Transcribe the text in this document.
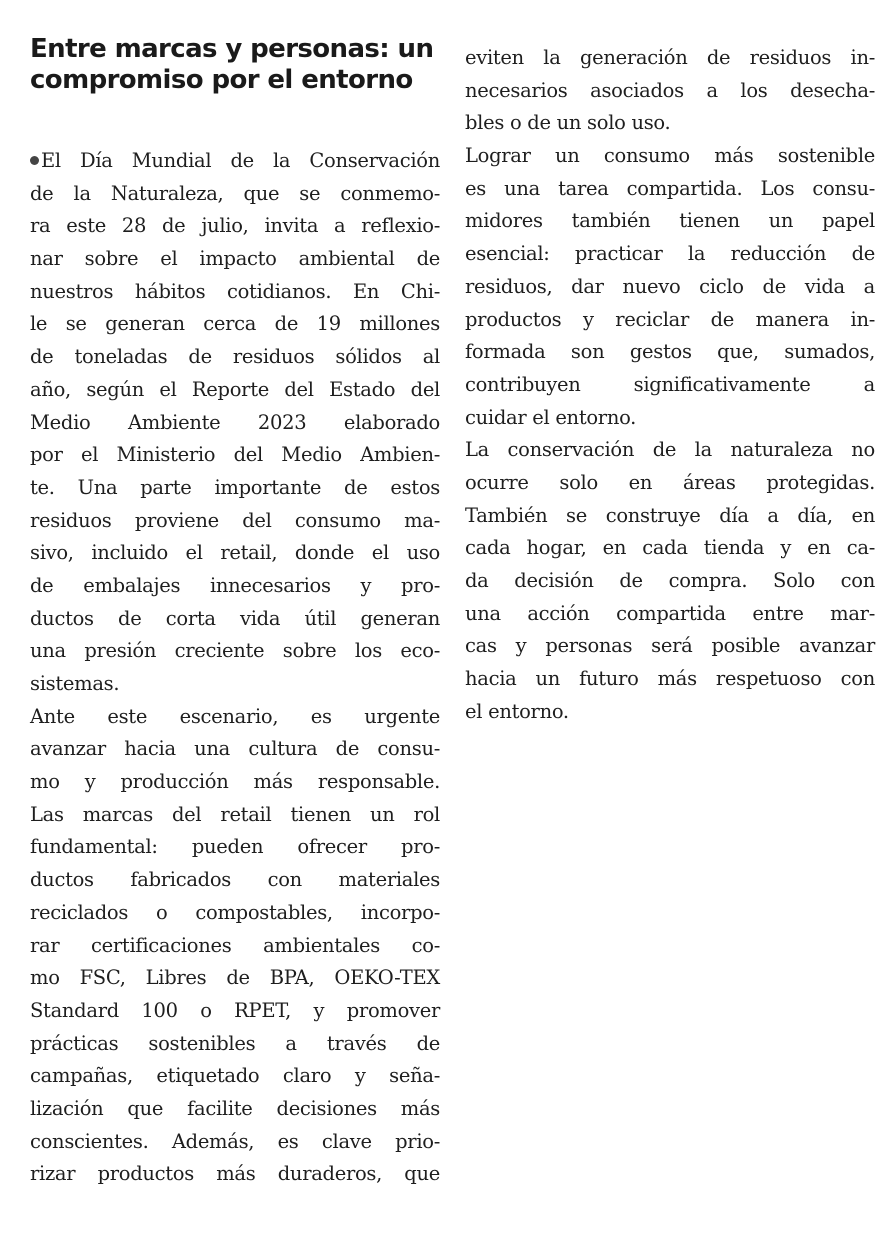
Entre marcas y personas: un
compromiso por el entorno
El Día Mundial de la Conservación
de la Naturaleza, que se conmemo-
ra este 28 de julio, invita a reflexio-
nar sobre el impacto ambiental de
nuestros hábitos cotidianos. En Chi-
le se generan cerca de 19 millones
de toneladas de residuos sólidos al
año, según el Reporte del Estado del
Medio Ambiente 2023 elaborado
por el Ministerio del Medio Ambien-
te. Una parte importante de estos
residuos proviene del consumo ma-
sivo, incluido el retail, donde el uso
de embalajes innecesarios y pro-
ductos de corta vida útil generan
una presión creciente sobre los eco-
sistemas.
Ante este escenario, es urgente
avanzar hacia una cultura de consu-
mo y producción más responsable.
Las marcas del retail tienen un rol
fundamental: pueden ofrecer pro-
ductos fabricados con materiales
reciclados o compostables, incorpo-
rar certificaciones ambientales co-
mo FSC, Libres de BPA, OEKO-TEX
Standard 100 o RPET, y promover
prácticas sostenibles a través de
campañas, etiquetado claro y seña-
lización que facilite decisiones más
conscientes. Además, es clave prio-
rizar productos más duraderos, que
eviten la generación de residuos in-
necesarios asociados a los desecha-
bles o de un solo uso.
Lograr un consumo más sostenible
es una tarea compartida. Los consu-
midores también tienen un papel
esencial: practicar la reducción de
residuos, dar nuevo ciclo de vida a
productos y reciclar de manera in-
formada son gestos que, sumados,
contribuyen significativamente a
cuidar el entorno.
La conservación de la naturaleza no
ocurre solo en áreas protegidas.
También se construye día a día, en
cada hogar, en cada tienda y en ca-
da decisión de compra. Solo con
una acción compartida entre mar-
cas y personas será posible avanzar
hacia un futuro más respetuoso con
el entorno.
